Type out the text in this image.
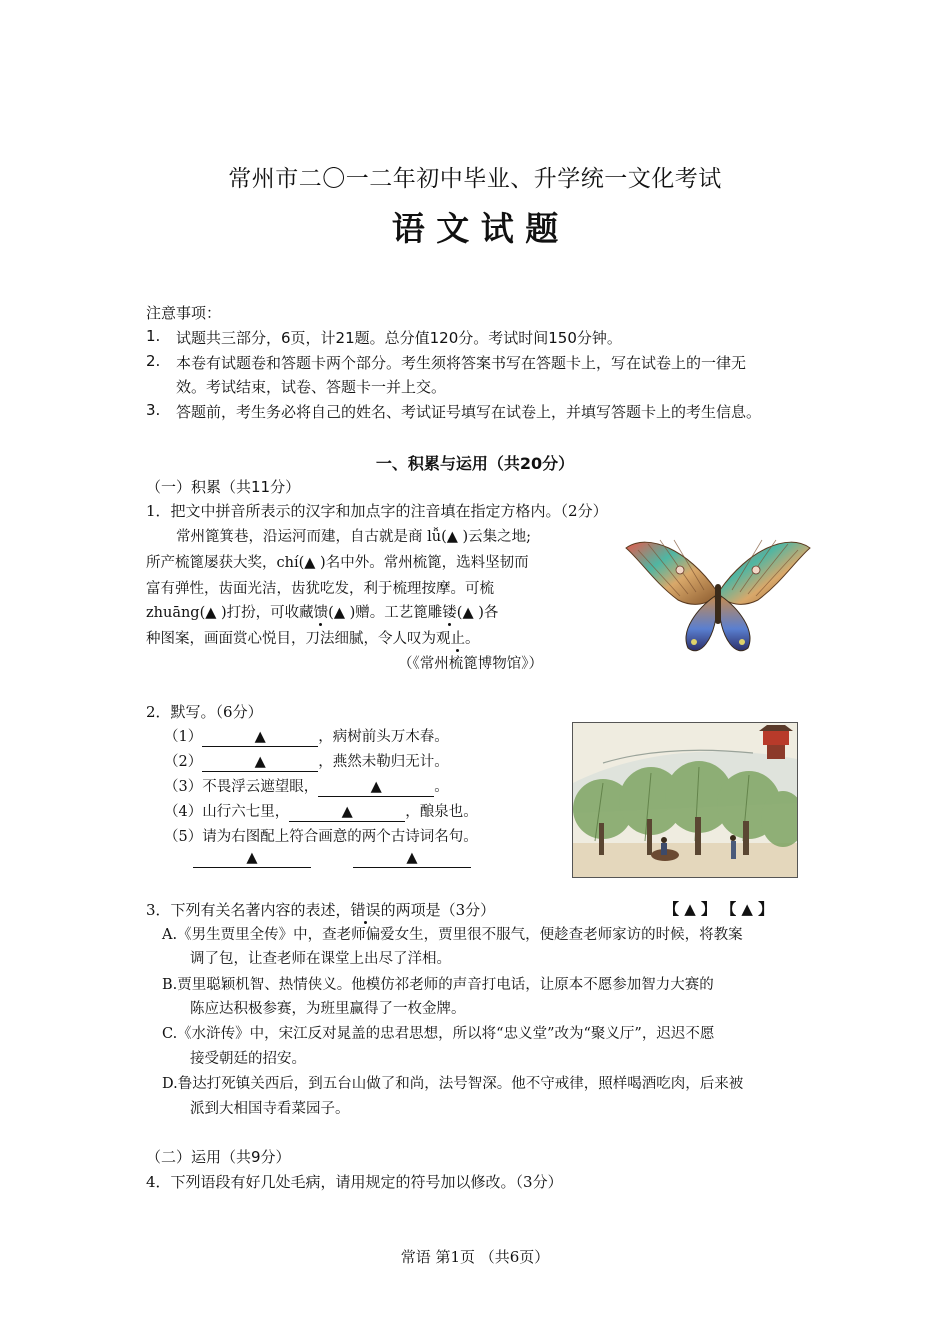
常州市二〇一二年初中毕业、升学统一文化考试
语 文 试 题
注意事项：
1. 试题共三部分，6页，计21题。总分值120分。考试时间150分钟。
2. 本卷有试题卷和答题卡两个部分。考生须将答案书写在答题卡上，写在试卷上的一律无
效。考试结束，试卷、答题卡一并上交。
3. 答题前，考生务必将自己的姓名、考试证号填写在试卷上，并填写答题卡上的考生信息。
一、积累与运用（共20分）
（一）积累（共11分）
1．把文中拼音所表示的汉字和加点字的注音填在指定方格内。（2分）
常州篦箕巷，沿运河而建，自古就是商 lǚ(▲ )云集之地;
所产梳篦屡获大奖，chí(▲ )名中外。常州梳篦，选料坚韧而
富有弹性，齿面光洁，齿犹吃发，利于梳理按摩。可梳
zhuāng(▲ )打扮，可收藏馈(▲ )赠。工艺篦雕镂(▲ )各
种图案，画面赏心悦目，刀法细腻，令人叹为观止。
（《常州梳篦博物馆》）
2．默写。（6分）
（1）	▲	，病树前头万木春。
（2）	▲	，燕然未勒归无计。
（3）不畏浮云遮望眼，	▲	。
（4）山行六七里，	▲	，酿泉也。
（5）请为右图配上符合画意的两个古诗词名句。
▲	▲
3．下列有关名著内容的表述，错误的两项是（3分）	【 ▲ 】 【 ▲ 】
A.《男生贾里全传》中，查老师偏爱女生，贾里很不服气，便趁查老师家访的时候，将教案
调了包，让查老师在课堂上出尽了洋相。
B.贾里聪颖机智、热情侠义。他模仿祁老师的声音打电话，让原本不愿参加智力大赛的
陈应达积极参赛，为班里赢得了一枚金牌。
C.《水浒传》中，宋江反对晁盖的忠君思想，所以将“忠义堂”改为“聚义厅”，迟迟不愿
接受朝廷的招安。
D.鲁达打死镇关西后，到五台山做了和尚，法号智深。他不守戒律，照样喝酒吃肉，后来被
派到大相国寺看菜园子。
（二）运用（共9分）
4．下列语段有好几处毛病，请用规定的符号加以修改。（3分）
常语 第1页 （共6页）
